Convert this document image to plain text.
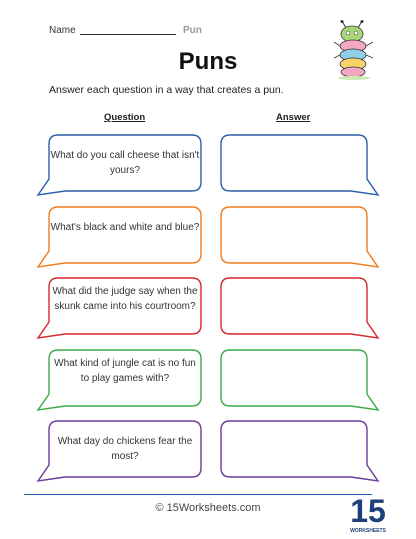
Name	Pun
Puns
Answer each question in a way that creates a pun.
Question	Answer
© 15Worksheets.com	15
WORKSHEETS
What do you call cheese that isn't yours?
What's black and white and blue?
What did the judge say when the skunk came into his courtroom?
What kind of jungle cat is no fun to play games with?
What day do chickens fear the most?
